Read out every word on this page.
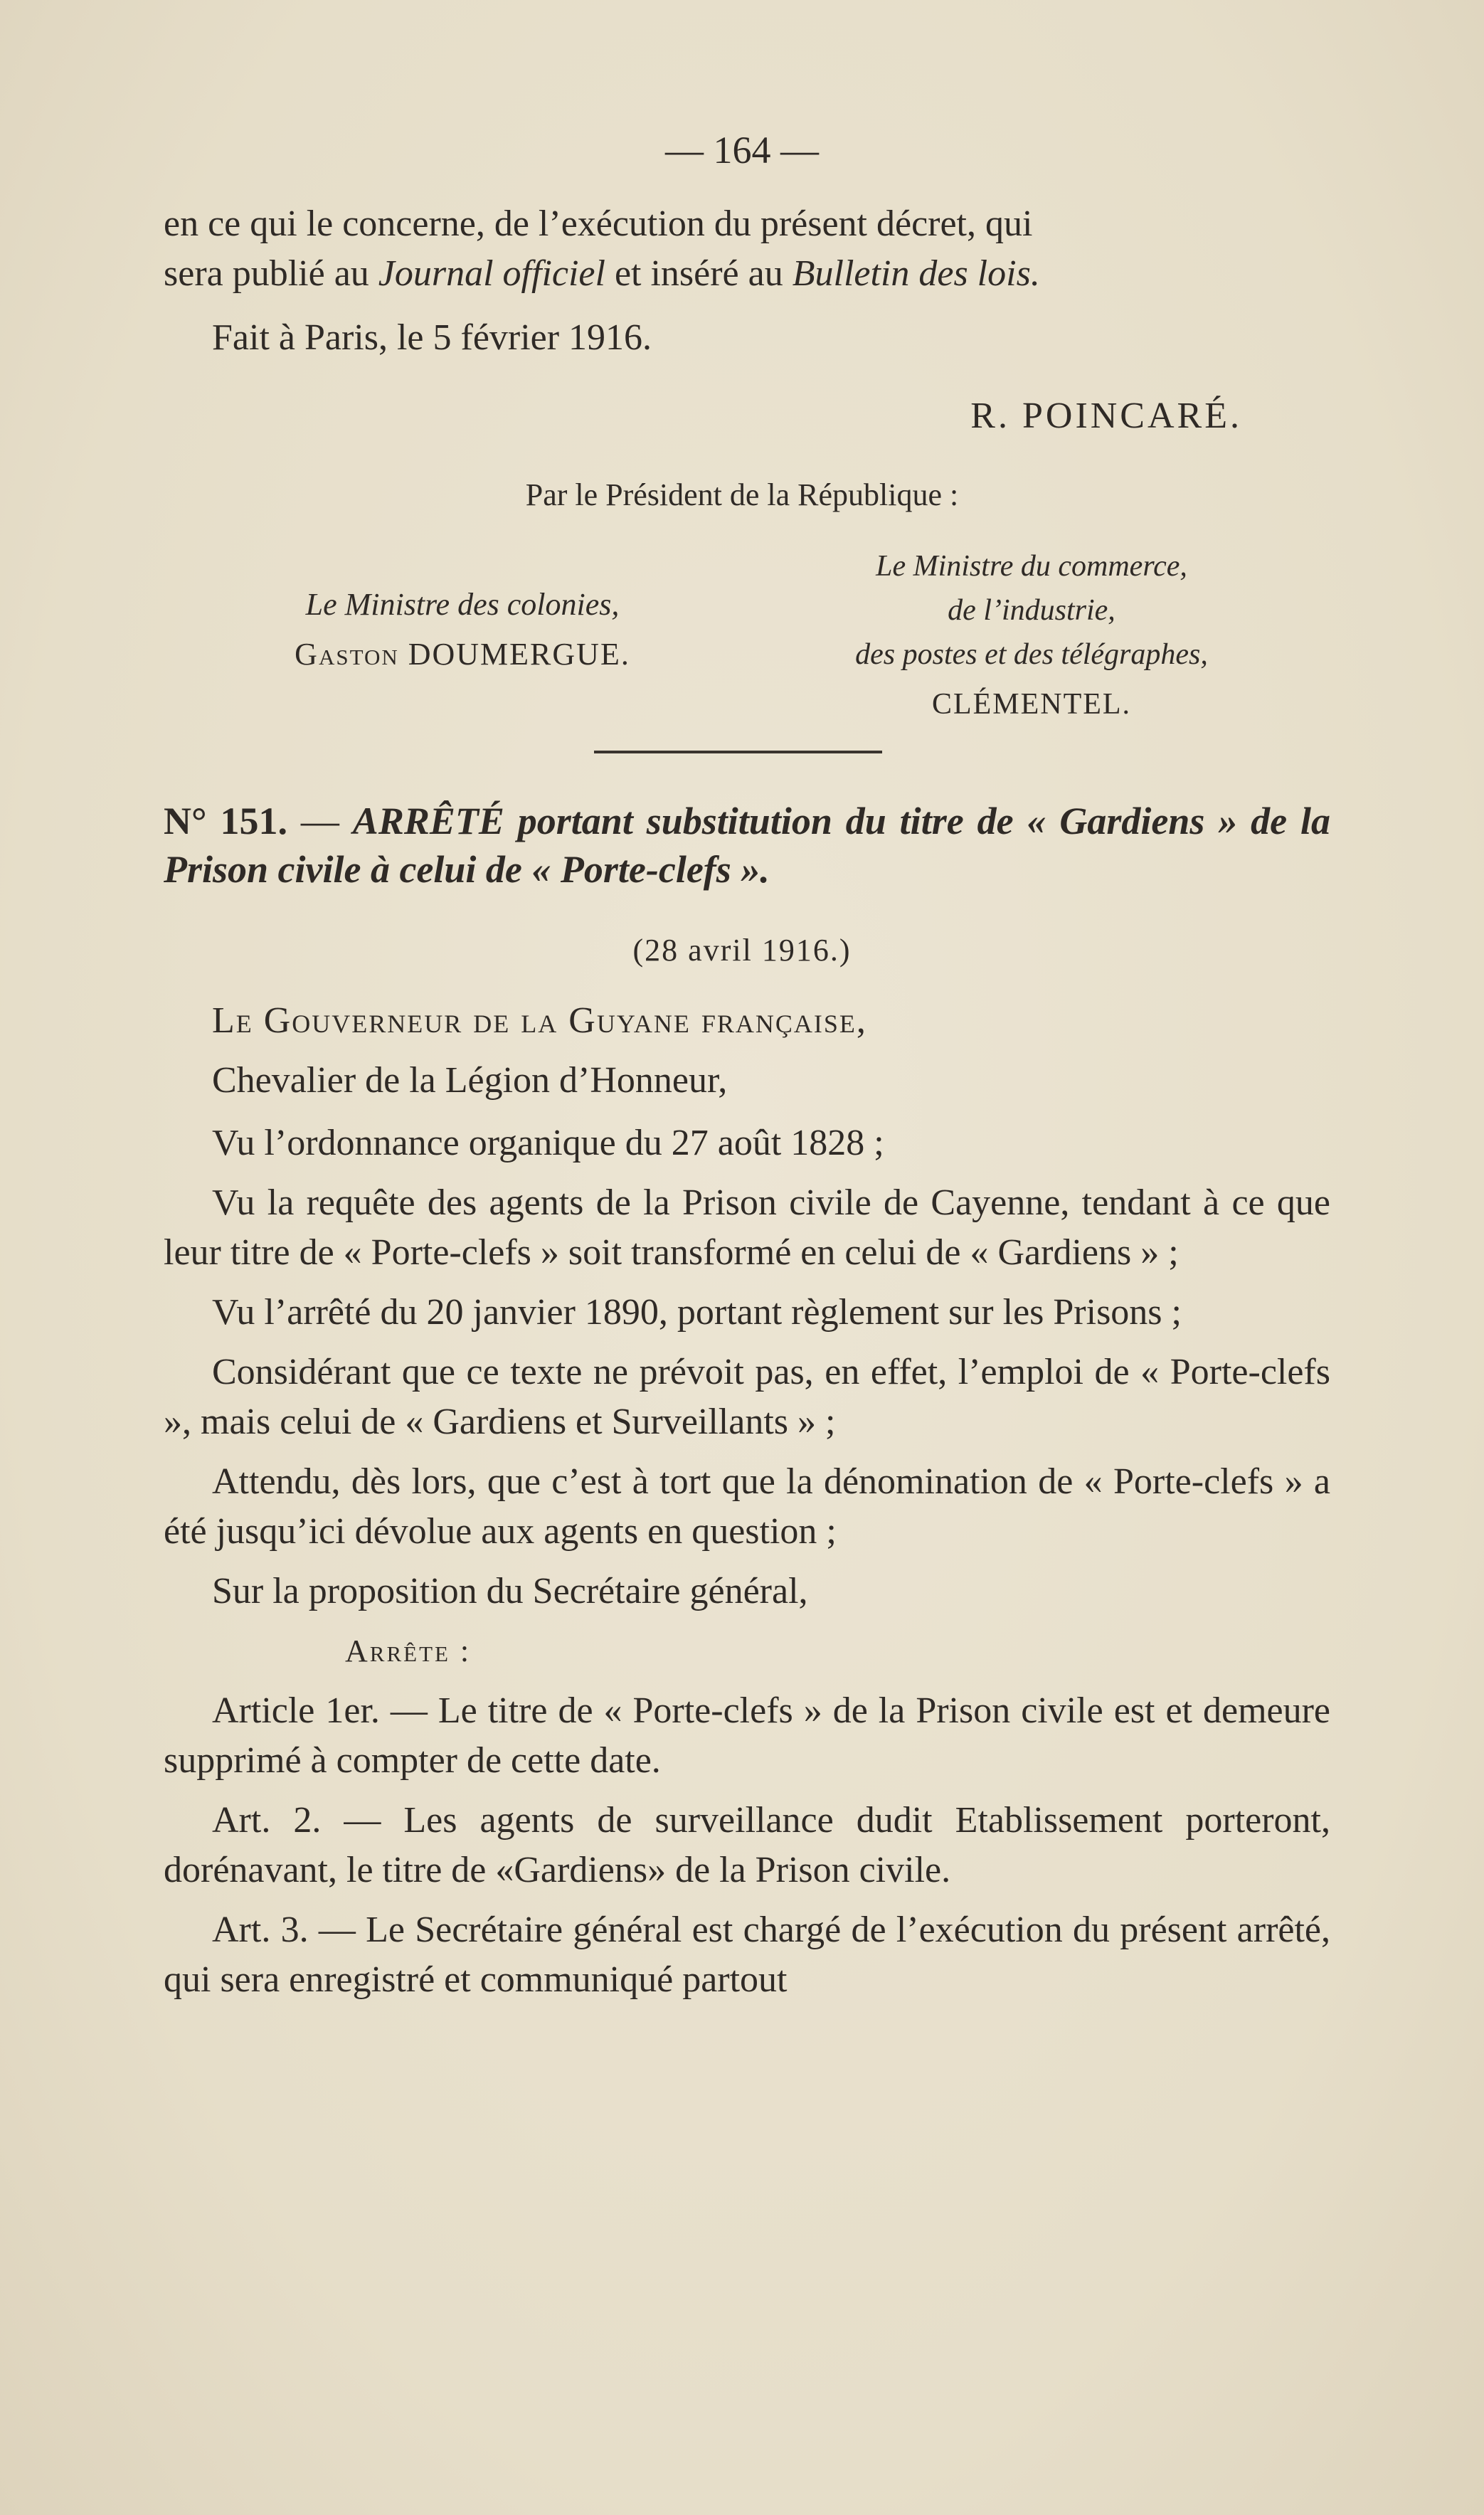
— 164 —

en ce qui le concerne, de l’exécution du présent décret, qui

sera publié au Journal officiel et inséré au Bulletin des lois.

Fait à Paris, le 5 février 1916.

R. POINCARÉ.
Par le Président de la République :
Le Ministre des colonies,
Gaston DOUMERGUE.
Le Ministre du commerce,
de l’industrie,
des postes et des télégraphes,
CLÉMENTEL.

N° 151. — ARRÊTÉ portant substitution du titre de « Gardiens » de la Prison civile à celui de « Porte-clefs ».

(28 avril 1916.)

Le Gouverneur de la Guyane française,

Chevalier de la Légion d’Honneur,

Vu l’ordonnance organique du 27 août 1828 ;

Vu la requête des agents de la Prison civile de Cayenne, tendant à ce que leur titre de « Porte-clefs » soit transformé en celui de « Gardiens » ;

Vu l’arrêté du 20 janvier 1890, portant règlement sur les Prisons ;

Considérant que ce texte ne prévoit pas, en effet, l’emploi de « Porte-clefs », mais celui de « Gardiens et Surveillants » ;

Attendu, dès lors, que c’est à tort que la dénomination de « Porte-clefs » a été jusqu’ici dévolue aux agents en question ;

Sur la proposition du Secrétaire général,

Arrête :

Article 1er. — Le titre de « Porte-clefs » de la Prison civile est et demeure supprimé à compter de cette date.

Art. 2. — Les agents de surveillance dudit Etablissement porteront, dorénavant, le titre de «Gardiens» de la Prison civile.

Art. 3. — Le Secrétaire général est chargé de l’exécution du présent arrêté, qui sera enregistré et communiqué partout
